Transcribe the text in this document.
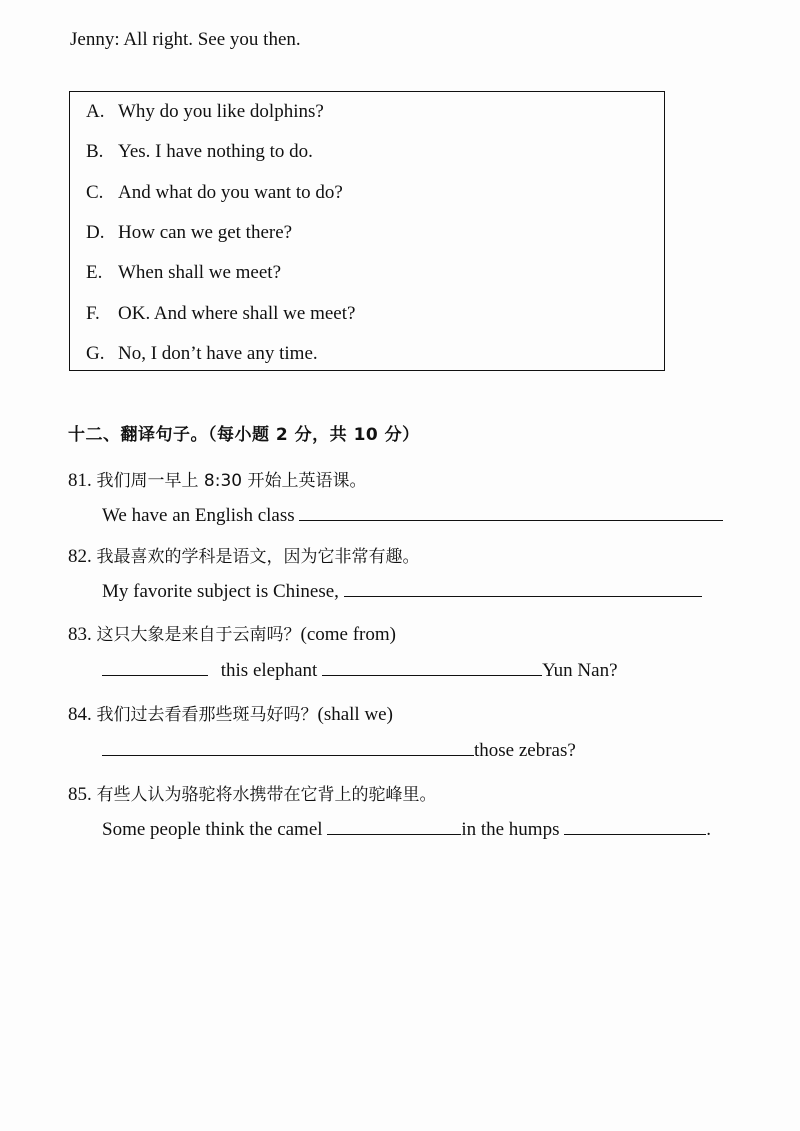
Jenny: All right. See you then.
A. Why do you like dolphins?
B. Yes. I have nothing to do.
C. And what do you want to do?
D. How can we get there?
E. When shall we meet?
F. OK. And where shall we meet?
G. No, I don’t have any time.
十二、翻译句子。（每小题 2 分，共 10 分）
81. 我们周一早上 8:30 开始上英语课。
We have an English class
82. 我最喜欢的学科是语文，因为它非常有趣。
My favorite subject is Chinese,
83. 这只大象是来自于云南吗？(come from)
this elephant	Yun Nan?
84. 我们过去看看那些斑马好吗？(shall we)
those zebras?
85. 有些人认为骆驼将水携带在它背上的驼峰里。
Some people think the camel	in the humps	.
